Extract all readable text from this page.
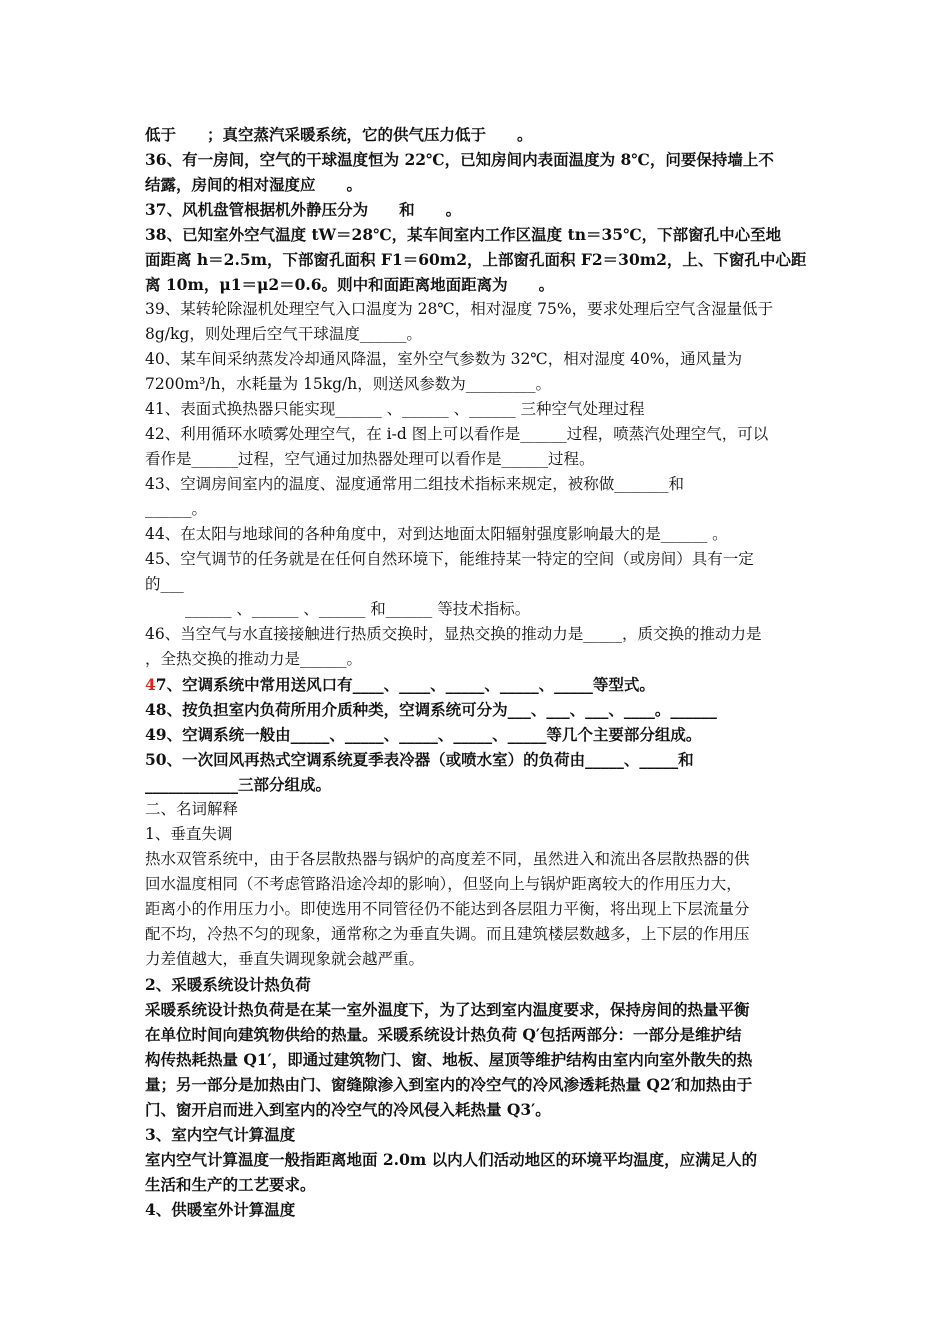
低于　　；真空蒸汽采暖系统，它的供气压力低于　　。
36、有一房间，空气的干球温度恒为 22℃，已知房间内表面温度为 8℃，问要保持墙上不
结露，房间的相对湿度应　　。
37、风机盘管根据机外静压分为　　和　　。
38、已知室外空气温度 tW＝28℃，某车间室内工作区温度 tn＝35℃，下部窗孔中心至地
面距离 h＝2.5m，下部窗孔面积 F1＝60m2，上部窗孔面积 F2＝30m2，上、下窗孔中心距
离 10m，μ1＝μ2＝0.6。则中和面距离地面距离为　　。
39、某转轮除湿机处理空气入口温度为 28℃，相对湿度 75%，要求处理后空气含湿量低于
8g/kg，则处理后空气干球温度______。
40、某车间采纳蒸发冷却通风降温，室外空气参数为 32℃，相对湿度 40%，通风量为
7200m³/h，水耗量为 15kg/h，则送风参数为_________。
41、表面式换热器只能实现______ 、______ 、______ 三种空气处理过程
42、利用循环水喷雾处理空气，在 i-d 图上可以看作是______过程，喷蒸汽处理空气，可以
看作是______过程，空气通过加热器处理可以看作是______过程。
43、空调房间室内的温度、湿度通常用二组技术指标来规定，被称做_______和
______。
44、在太阳与地球间的各种角度中，对到达地面太阳辐射强度影响最大的是______ 。
45、空气调节的任务就是在任何自然环境下，能维持某一特定的空间（或房间）具有一定
的___
______ 、______ 、______ 和______ 等技术指标。
46、当空气与水直接接触进行热质交换时，显热交换的推动力是_____，质交换的推动力是
，全热交换的推动力是______。
47、空调系统中常用送风口有____、____、_____、_____、_____等型式。
48、按负担室内负荷所用介质种类，空调系统可分为___、___、___、____。______
49、空调系统一般由_____、_____、_____、_____、_____等几个主要部分组成。
50、一次回风再热式空调系统夏季表冷器（或喷水室）的负荷由_____、_____和
____________三部分组成。
二、名词解释
1、垂直失调
热水双管系统中，由于各层散热器与锅炉的高度差不同，虽然进入和流出各层散热器的供
回水温度相同（不考虑管路沿途冷却的影响），但竖向上与锅炉距离较大的作用压力大，
距离小的作用压力小。即使选用不同管径仍不能达到各层阻力平衡，将出现上下层流量分
配不均，冷热不匀的现象，通常称之为垂直失调。而且建筑楼层数越多，上下层的作用压
力差值越大，垂直失调现象就会越严重。
2、采暖系统设计热负荷
采暖系统设计热负荷是在某一室外温度下，为了达到室内温度要求，保持房间的热量平衡
在单位时间向建筑物供给的热量。采暖系统设计热负荷 Q′包括两部分：一部分是维护结
构传热耗热量 Q1′，即通过建筑物门、窗、地板、屋顶等维护结构由室内向室外散失的热
量；另一部分是加热由门、窗缝隙渗入到室内的冷空气的冷风渗透耗热量 Q2′和加热由于
门、窗开启而进入到室内的冷空气的冷风侵入耗热量 Q3′。
3、室内空气计算温度
室内空气计算温度一般指距离地面 2.0m 以内人们活动地区的环境平均温度，应满足人的
生活和生产的工艺要求。
4、供暖室外计算温度
